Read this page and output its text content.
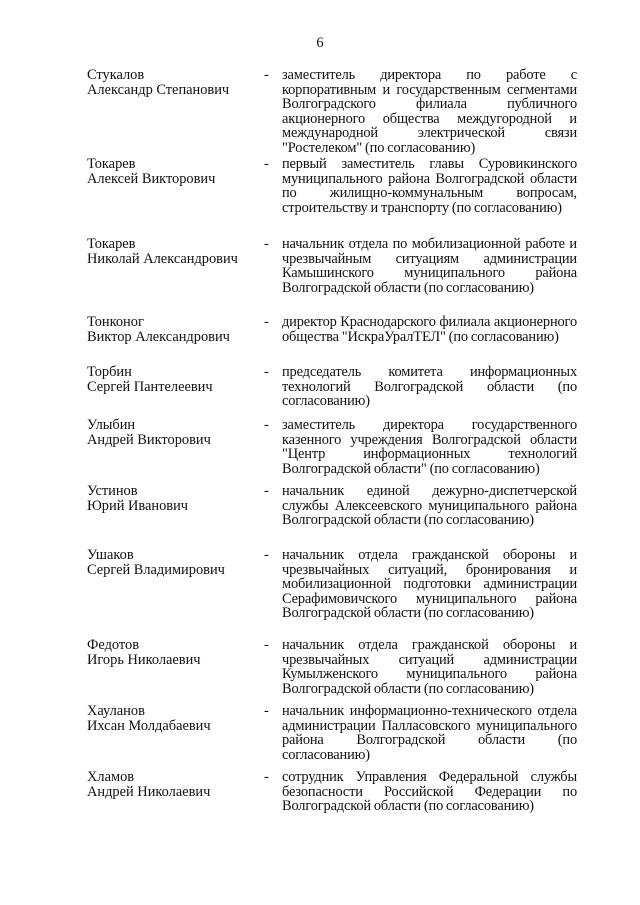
6
Стукалов
Александр Степанович
- заместитель директора по работе с корпоративным и государственным сегментами Волгоградского филиала публичного акционерного общества междугородной и международной электрической связи "Ростелеком" (по согласованию)
Токарев
Алексей Викторович
- первый заместитель главы Суровикинского муниципального района Волгоградской области по жилищно-коммунальным вопросам, строительству и транспорту (по согласованию)
Токарев
Николай Александрович
- начальник отдела по мобилизационной работе и чрезвычайным ситуациям администрации Камышинского муниципального района Волгоградской области (по согласованию)
Тонконог
Виктор Александрович
- директор Краснодарского филиала акционерного общества "ИскраУралТЕЛ" (по согласованию)
Торбин
Сергей Пантелеевич
- председатель комитета информационных технологий Волгоградской области (по согласованию)
Улыбин
Андрей Викторович
- заместитель директора государственного казенного учреждения Волгоградской области "Центр информационных технологий Волгоградской области" (по согласованию)
Устинов
Юрий Иванович
- начальник единой дежурно-диспетчерской службы Алексеевского муниципального района Волгоградской области (по согласованию)
Ушаков
Сергей Владимирович
- начальник отдела гражданской обороны и чрезвычайных ситуаций, бронирования и мобилизационной подготовки администрации Серафимовичского муниципального района Волгоградской области (по согласованию)
Федотов
Игорь Николаевич
- начальник отдела гражданской обороны и чрезвычайных ситуаций администрации Кумылженского муниципального района Волгоградской области (по согласованию)
Хауланов
Ихсан Молдабаевич
- начальник информационно-технического отдела администрации Палласовского муниципального района Волгоградской области (по согласованию)
Хламов
Андрей Николаевич
- сотрудник Управления Федеральной службы безопасности Российской Федерации по Волгоградской области (по согласованию)
